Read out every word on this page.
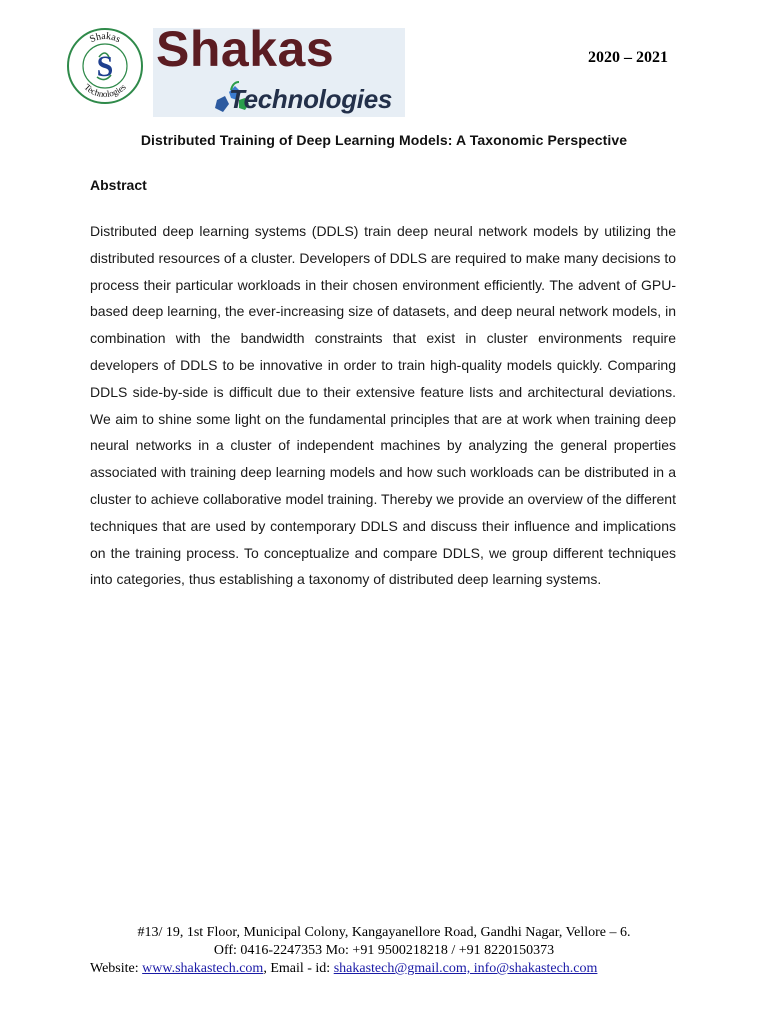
Shakas
Technologies
S Shakas
Technologies
2020 – 2021
Distributed Training of Deep Learning Models: A Taxonomic Perspective
Abstract
Distributed deep learning systems (DDLS) train deep neural network models by utilizing the distributed resources of a cluster. Developers of DDLS are required to make many decisions to process their particular workloads in their chosen environment efficiently. The advent of GPU-based deep learning, the ever-increasing size of datasets, and deep neural network models, in combination with the bandwidth constraints that exist in cluster environments require developers of DDLS to be innovative in order to train high-quality models quickly. Comparing DDLS side-by-side is difficult due to their extensive feature lists and architectural deviations. We aim to shine some light on the fundamental principles that are at work when training deep neural networks in a cluster of independent machines by analyzing the general properties associated with training deep learning models and how such workloads can be distributed in a cluster to achieve collaborative model training. Thereby we provide an overview of the different techniques that are used by contemporary DDLS and discuss their influence and implications on the training process. To conceptualize and compare DDLS, we group different techniques into categories, thus establishing a taxonomy of distributed deep learning systems.
#13/ 19, 1st Floor, Municipal Colony, Kangayanellore Road, Gandhi Nagar, Vellore – 6.
Off: 0416-2247353 Mo: +91 9500218218 / +91 8220150373
Website: www.shakastech.com, Email - id: shakastech@gmail.com, info@shakastech.com
